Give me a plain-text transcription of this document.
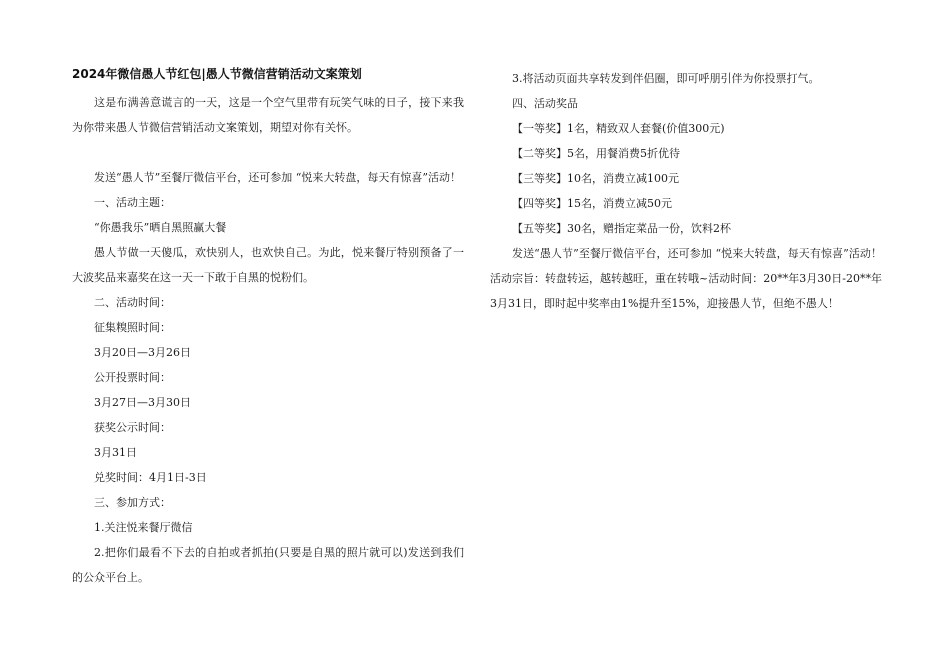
2024年微信愚人节红包|愚人节微信营销活动文案策划

这是布满善意谎言的一天，这是一个空气里带有玩笑气味的日子，接下来我为你带来愚人节微信营销活动文案策划，期望对你有关怀。

发送“愚人节”至餐厅微信平台，还可参加 “悦来大转盘，每天有惊喜”活动！

一、活动主题：

“你愚我乐”晒自黑照赢大餐

愚人节做一天傻瓜，欢快别人，也欢快自己。为此，悦来餐厅特别预备了一大波奖品来嘉奖在这一天一下敢于自黑的悦粉们。

二、活动时间：

征集糗照时间：

3月20日—3月26日

公开投票时间：

3月27日—3月30日

获奖公示时间：

3月31日

兑奖时间：4月1日-3日

三、参加方式：

1.关注悦来餐厅微信

2.把你们最看不下去的自拍或者抓拍(只要是自黑的照片就可以)发送到我们的公众平台上。

3.将活动页面共享转发到伴侣圈，即可呼朋引伴为你投票打气。

四、活动奖品

【一等奖】1名，精致双人套餐(价值300元)

【二等奖】5名，用餐消费5折优待

【三等奖】10名，消费立减100元

【四等奖】15名，消费立减50元

【五等奖】30名，赠指定菜品一份，饮料2杯

发送“愚人节”至餐厅微信平台，还可参加 “悦来大转盘，每天有惊喜”活动！活动宗旨：转盘转运，越转越旺，重在转哦~活动时间：20**年3月30日-20**年3月31日，即时起中奖率由1%提升至15%，迎接愚人节，但绝不愚人！
